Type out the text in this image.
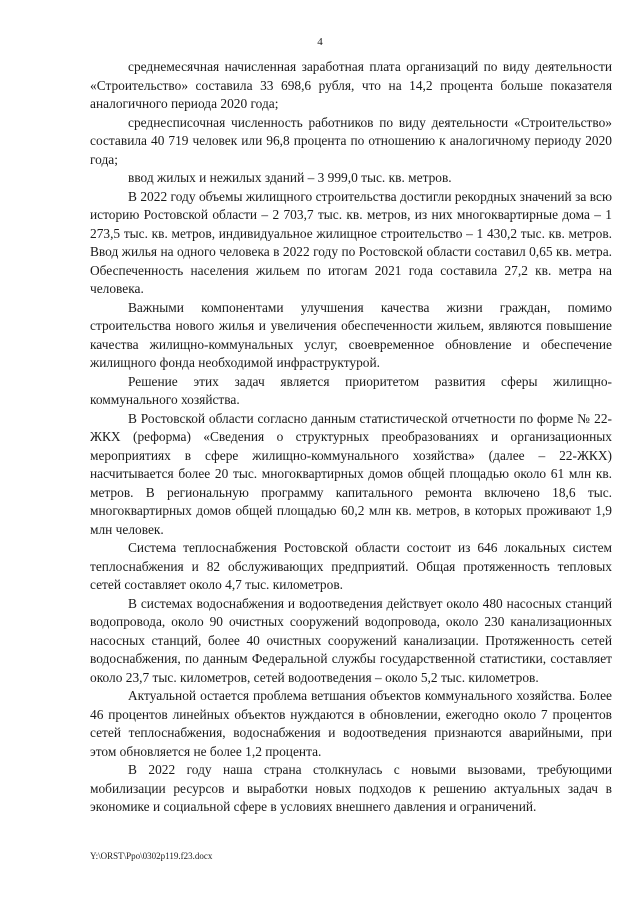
4

среднемесячная начисленная заработная плата организаций по виду деятельности «Строительство» составила 33 698,6 рубля, что на 14,2 процента больше показателя аналогичного периода 2020 года;

среднесписочная численность работников по виду деятельности «Строительство» составила 40 719 человек или 96,8 процента по отношению к аналогичному периоду 2020 года;

ввод жилых и нежилых зданий – 3 999,0 тыс. кв. метров.

В 2022 году объемы жилищного строительства достигли рекордных значений за всю историю Ростовской области – 2 703,7 тыс. кв. метров, из них многоквартирные дома – 1 273,5 тыс. кв. метров, индивидуальное жилищное строительство – 1 430,2 тыс. кв. метров. Ввод жилья на одного человека в 2022 году по Ростовской области составил 0,65 кв. метра. Обеспеченность населения жильем по итогам 2021 года составила 27,2 кв. метра на человека.

Важными компонентами улучшения качества жизни граждан, помимо строительства нового жилья и увеличения обеспеченности жильем, являются повышение качества жилищно-коммунальных услуг, своевременное обновление и обеспечение жилищного фонда необходимой инфраструктурой.

Решение этих задач является приоритетом развития сферы жилищно-коммунального хозяйства.

В Ростовской области согласно данным статистической отчетности по форме № 22-ЖКХ (реформа) «Сведения о структурных преобразованиях и организационных мероприятиях в сфере жилищно-коммунального хозяйства» (далее – 22-ЖКХ) насчитывается более 20 тыс. многоквартирных домов общей площадью около 61 млн кв. метров. В региональную программу капитального ремонта включено 18,6 тыс. многоквартирных домов общей площадью 60,2 млн кв. метров, в которых проживают 1,9 млн человек.

Система теплоснабжения Ростовской области состоит из 646 локальных систем теплоснабжения и 82 обслуживающих предприятий. Общая протяженность тепловых сетей составляет около 4,7 тыс. километров.

В системах водоснабжения и водоотведения действует около 480 насосных станций водопровода, около 90 очистных сооружений водопровода, около 230 канализационных насосных станций, более 40 очистных сооружений канализации. Протяженность сетей водоснабжения, по данным Федеральной службы государственной статистики, составляет около 23,7 тыс. километров, сетей водоотведения – около 5,2 тыс. километров.

Актуальной остается проблема ветшания объектов коммунального хозяйства. Более 46 процентов линейных объектов нуждаются в обновлении, ежегодно около 7 процентов сетей теплоснабжения, водоснабжения и водоотведения признаются аварийными, при этом обновляется не более 1,2 процента.

В 2022 году наша страна столкнулась с новыми вызовами, требующими мобилизации ресурсов и выработки новых подходов к решению актуальных задач в экономике и социальной сфере в условиях внешнего давления и ограничений.

Y:\ORST\Ppo\0302p119.f23.docx
